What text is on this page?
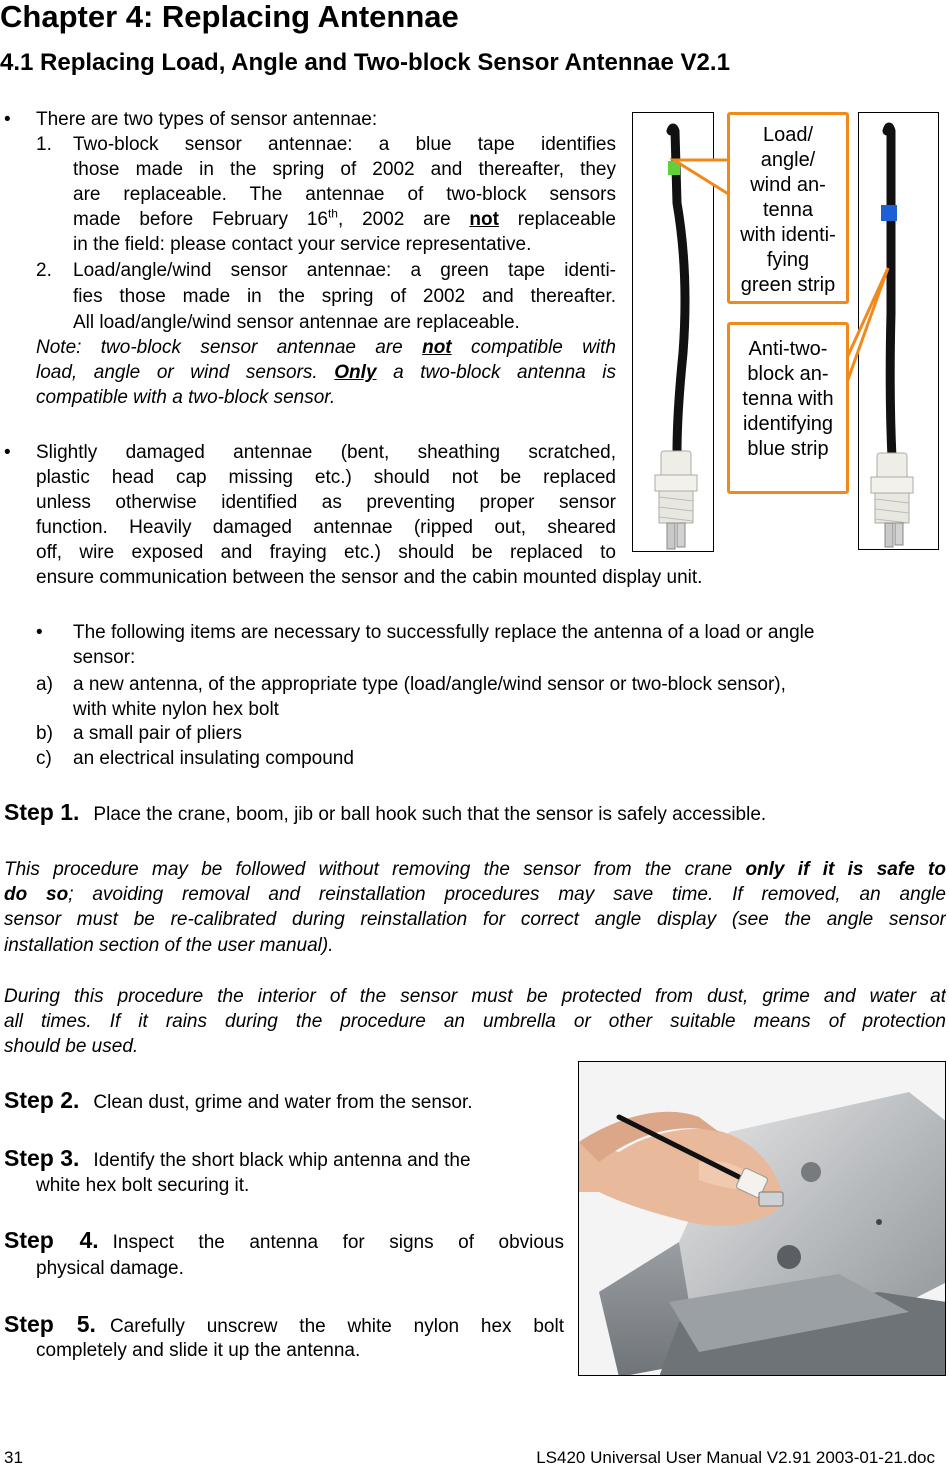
Chapter 4: Replacing Antennae
4.1 Replacing Load, Angle and Two-block Sensor Antennae V2.1
• There are two types of sensor antennae:
1. Two-block sensor antennae: a blue tape identifies
those made in the spring of 2002 and thereafter, they
are replaceable. The antennae of two-block sensors
made before February 16th, 2002 are not replaceable
in the field: please contact your service representative.
2. Load/angle/wind sensor antennae: a green tape identi-
fies those made in the spring of 2002 and thereafter.
All load/angle/wind sensor antennae are replaceable.
Note: two-block sensor antennae are not compatible with
load, angle or wind sensors. Only a two-block antenna is
compatible with a two-block sensor.
• Slightly damaged antennae (bent, sheathing scratched,
plastic head cap missing etc.) should not be replaced
unless otherwise identified as preventing proper sensor
function. Heavily damaged antennae (ripped out, sheared
off, wire exposed and fraying etc.) should be replaced to
ensure communication between the sensor and the cabin mounted display unit.
Load/
angle/
wind an-
tenna
with identi-
fying
green strip
Anti-two-
block an-
tenna with
identifying
blue strip
• The following items are necessary to successfully replace the antenna of a load or angle
sensor:
a) a new antenna, of the appropriate type (load/angle/wind sensor or two-block sensor),
with white nylon hex bolt
b) a small pair of pliers
c) an electrical insulating compound
Step 1. Place the crane, boom, jib or ball hook such that the sensor is safely accessible.
This procedure may be followed without removing the sensor from the crane only if it is safe to
do so; avoiding removal and reinstallation procedures may save time. If removed, an angle
sensor must be re-calibrated during reinstallation for correct angle display (see the angle sensor
installation section of the user manual).
During this procedure the interior of the sensor must be protected from dust, grime and water at
all times. If it rains during the procedure an umbrella or other suitable means of protection
should be used.
Step 2. Clean dust, grime and water from the sensor.
Step 3. Identify the short black whip antenna and the
white hex bolt securing it.
Step 4. Inspect the antenna for signs of obvious
physical damage.
Step 5. Carefully unscrew the white nylon hex bolt
completely and slide it up the antenna.
31	LS420 Universal User Manual V2.91 2003-01-21.doc
